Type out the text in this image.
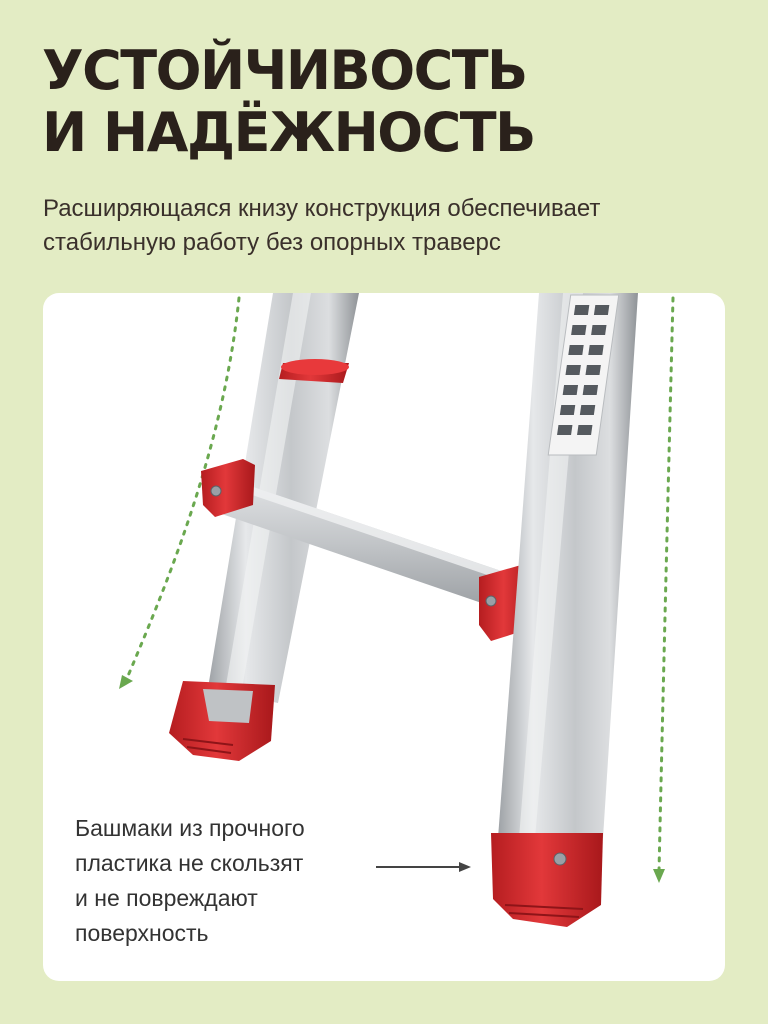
УСТОЙЧИВОСТЬ
И НАДЁЖНОСТЬ

Расширяющаяся книзу конструкция обеспечивает
стабильную работу без опорных траверс

Башмаки из прочного
пластика не скользят
и не повреждают
поверхность
